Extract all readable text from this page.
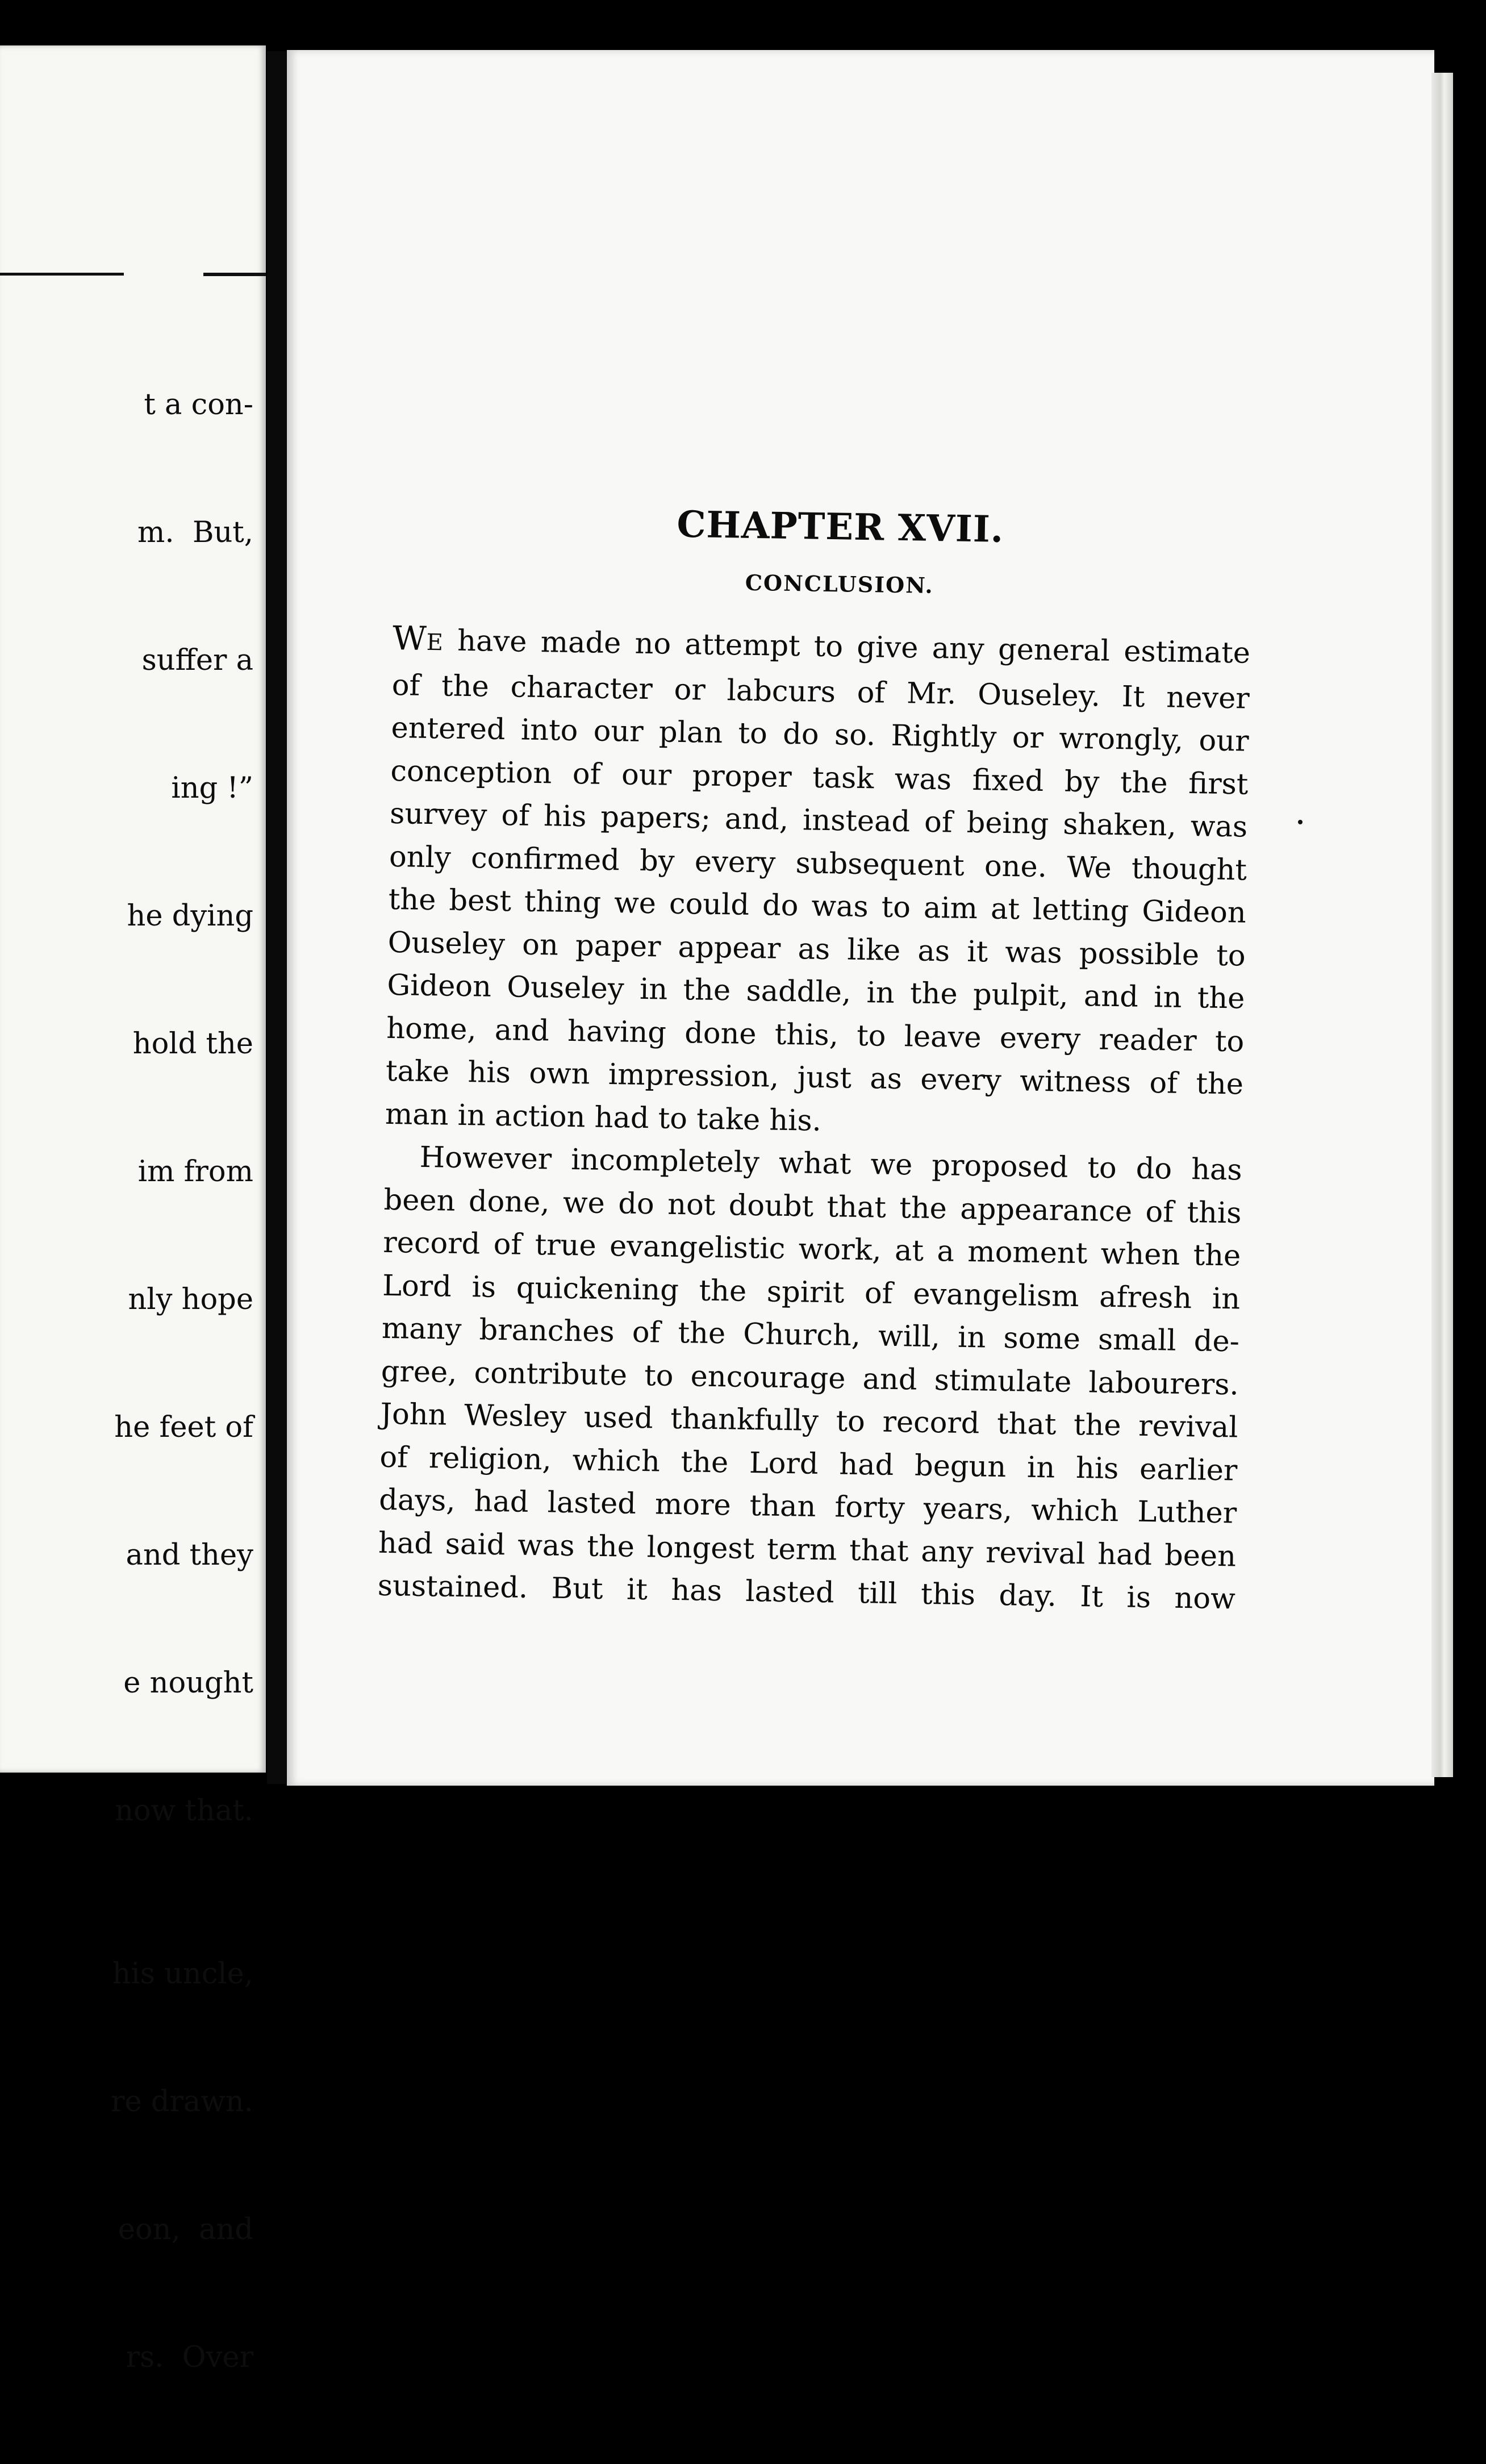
t a con-

m.  But,

suffer a

ing !”

he dying

hold the

im from

nly hope

he feet of

and they

e nought

now that.

his uncle,

re drawn.

eon,  and

rs.  Over

CHAPTER XVII.
CONCLUSION.
WE have made no attempt to give any general estimate
of the character or labcurs of Mr. Ouseley. It never
entered into our plan to do so. Rightly or wrongly, our
conception of our proper task was fixed by the first
survey of his papers; and, instead of being shaken, was
only confirmed by every subsequent one. We thought
the best thing we could do was to aim at letting Gideon
Ouseley on paper appear as like as it was possible to
Gideon Ouseley in the saddle, in the pulpit, and in the
home, and having done this, to leave every reader to
take his own impression, just as every witness of the
man in action had to take his.
However incompletely what we proposed to do has
been done, we do not doubt that the appearance of this
record of true evangelistic work, at a moment when the
Lord is quickening the spirit of evangelism afresh in
many branches of the Church, will, in some small de-
gree, contribute to encourage and stimulate labourers.
John Wesley used thankfully to record that the revival
of religion, which the Lord had begun in his earlier
days, had lasted more than forty years, which Luther
had said was the longest term that any revival had been
sustained. But it has lasted till this day. It is now
